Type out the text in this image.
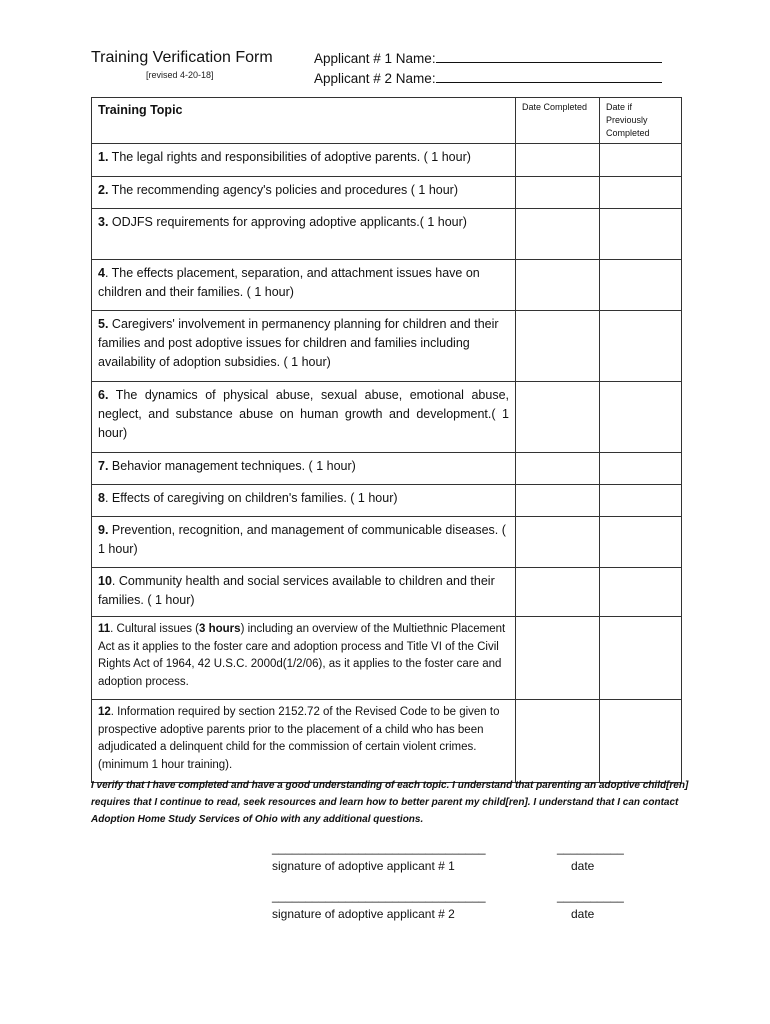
Training Verification Form
[revised 4-20-18]
Applicant # 1 Name:
Applicant # 2 Name:
Training Topic	Date Completed	Date if Previously Completed
1. The legal rights and responsibilities of adoptive parents. ( 1 hour)		
2. The recommending agency's policies and procedures ( 1 hour)		
3. ODJFS requirements for approving adoptive applicants.( 1 hour)		
4. The effects placement, separation, and attachment issues have on children and their families. ( 1 hour)		
5. Caregivers' involvement in permanency planning for children and their families and post adoptive issues for children and families including availability of adoption subsidies. ( 1 hour)		
6. The dynamics of physical abuse, sexual abuse, emotional abuse, neglect, and substance abuse on human growth and development.( 1 hour)		
7. Behavior management techniques. ( 1 hour)		
8. Effects of caregiving on children's families. ( 1 hour)		
9. Prevention, recognition, and management of communicable diseases. ( 1 hour)		
10. Community health and social services available to children and their families. ( 1 hour)		
11. Cultural issues (3 hours) including an overview of the Multiethnic Placement Act as it applies to the foster care and adoption process and Title VI of the Civil Rights Act of 1964, 42 U.S.C. 2000d(1/2/06), as it applies to the foster care and adoption process.		
12. Information required by section 2152.72 of the Revised Code to be given to prospective adoptive parents prior to the placement of a child who has been adjudicated a delinquent child for the commission of certain violent crimes. (minimum 1 hour training).		
I verify that I have completed and have a good understanding of each topic. I understand that parenting an adoptive child[ren] requires that I continue to read, seek resources and learn how to better parent my child[ren]. I understand that I can contact Adoption Home Study Services of Ohio with any additional questions.
________________________________	__________
signature of adoptive applicant # 1	date
________________________________	__________
signature of adoptive applicant # 2	date
